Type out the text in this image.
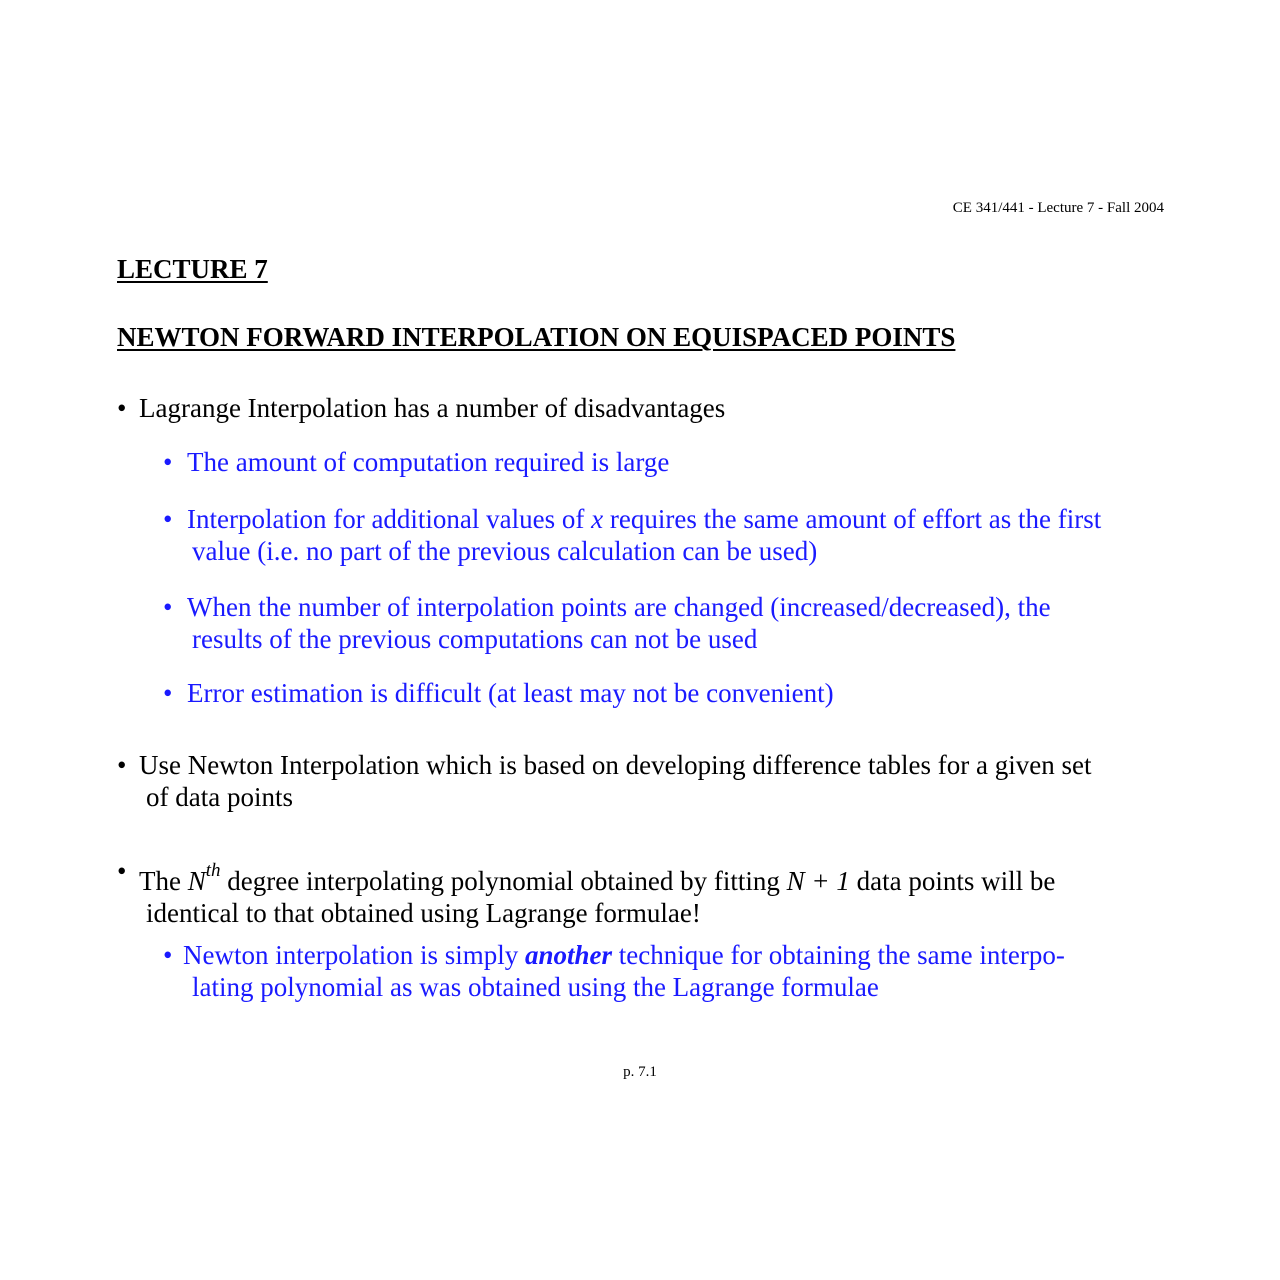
CE 341/441 - Lecture 7 - Fall 2004
LECTURE 7
NEWTON FORWARD INTERPOLATION ON EQUISPACED POINTS
• Lagrange Interpolation has a number of disadvantages
• The amount of computation required is large
• Interpolation for additional values of x requires the same amount of effort as the first
value (i.e. no part of the previous calculation can be used)
• When the number of interpolation points are changed (increased/decreased), the
results of the previous computations can not be used
• Error estimation is difficult (at least may not be convenient)
• Use Newton Interpolation which is based on developing difference tables for a given set
of data points
• The $N^{th}$ degree interpolating polynomial obtained by fitting N + 1 data points will be
identical to that obtained using Lagrange formulae!
• Newton interpolation is simply another technique for obtaining the same interpo-
lating polynomial as was obtained using the Lagrange formulae
p. 7.1
